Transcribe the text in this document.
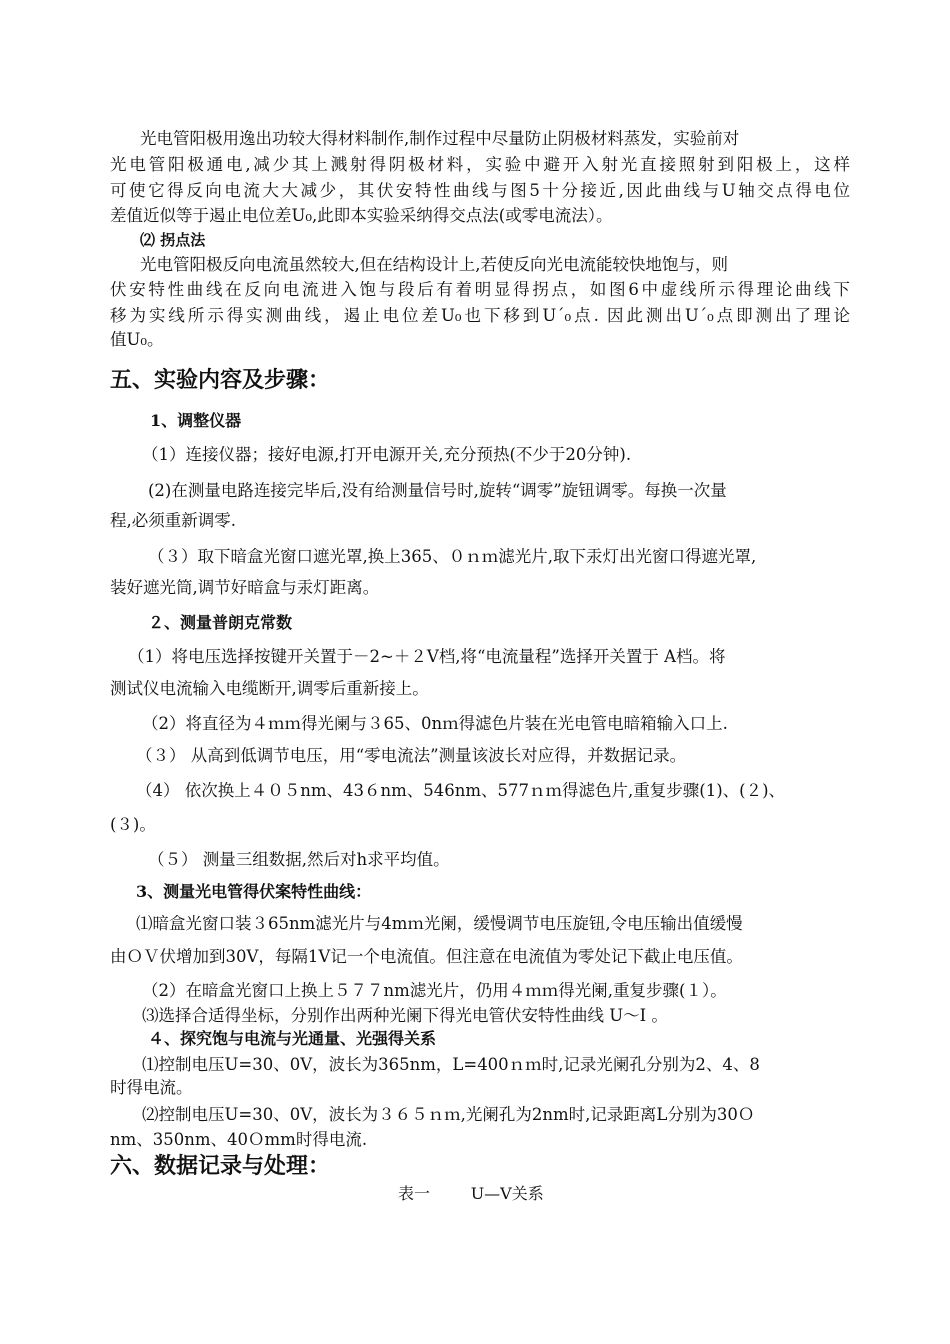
光电管阳极用逸出功较大得材料制作,制作过程中尽量防止阴极材料蒸发，实验前对
光电管阳极通电,减少其上溅射得阴极材料，实验中避开入射光直接照射到阳极上，这样
可使它得反向电流大大减少，其伏安特性曲线与图5十分接近,因此曲线与U轴交点得电位
差值近似等于遏止电位差U₀,此即本实验采纳得交点法(或零电流法）。
⑵ 拐点法
光电管阳极反向电流虽然较大,但在结构设计上,若使反向光电流能较快地饱与，则
伏安特性曲线在反向电流进入饱与段后有着明显得拐点，如图6中虚线所示得理论曲线下
移为实线所示得实测曲线，遏止电位差U₀也下移到U´₀点. 因此测出U´₀点即测出了理论
值U₀。
五、实验内容及步骤：
1、调整仪器
（1）连接仪器；接好电源,打开电源开关,充分预热(不少于20分钟).
(2)在测量电路连接完毕后,没有给测量信号时,旋转“调零”旋钮调零。每换一次量
程,必须重新调零.
（３）取下暗盒光窗口遮光罩,换上365、０ｎｍ滤光片,取下汞灯出光窗口得遮光罩,
装好遮光筒,调节好暗盒与汞灯距离。
２、测量普朗克常数
（1）将电压选择按键开关置于－2~＋２V档,将“电流量程”选择开关置于 A档。将
测试仪电流输入电缆断开,调零后重新接上。
（2）将直径为４ｍｍ得光阑与３65、0nｍ得滤色片装在光电管电暗箱输入口上.
（３） 从高到低调节电压，用“零电流法”测量该波长对应得，并数据记录。
（4） 依次换上４０５nm、43６nm、546nm、577ｎｍ得滤色片,重复步骤(1)、(２)、
(３)。
（５） 测量三组数据,然后对h求平均值。
3、测量光电管得伏案特性曲线：
⑴暗盒光窗口装３65nm滤光片与4mｍ光阑，缓慢调节电压旋钮,令电压输出值缓慢
由ＯＶ伏增加到30V，每隔1V记一个电流值。但注意在电流值为零处记下截止电压值。
（2）在暗盒光窗口上换上５７７nm滤光片，仍用４ｍｍ得光阑,重复步骤(１）。
⑶选择合适得坐标，分别作出两种光阑下得光电管伏安特性曲线 U～I 。
４、探究饱与电流与光通量、光强得关系
⑴控制电压U=30、0V，波长为365nm，L=400ｎｍ时,记录光阑孔分别为2、4、8
时得电流。
⑵控制电压U=30、0V，波长为３６５ｎｍ,光阑孔为2nm时,记录距离L分别为30Ｏ
nm、350nm、40Ｏmm时得电流.
六、数据记录与处理：
表一        U—V关系
